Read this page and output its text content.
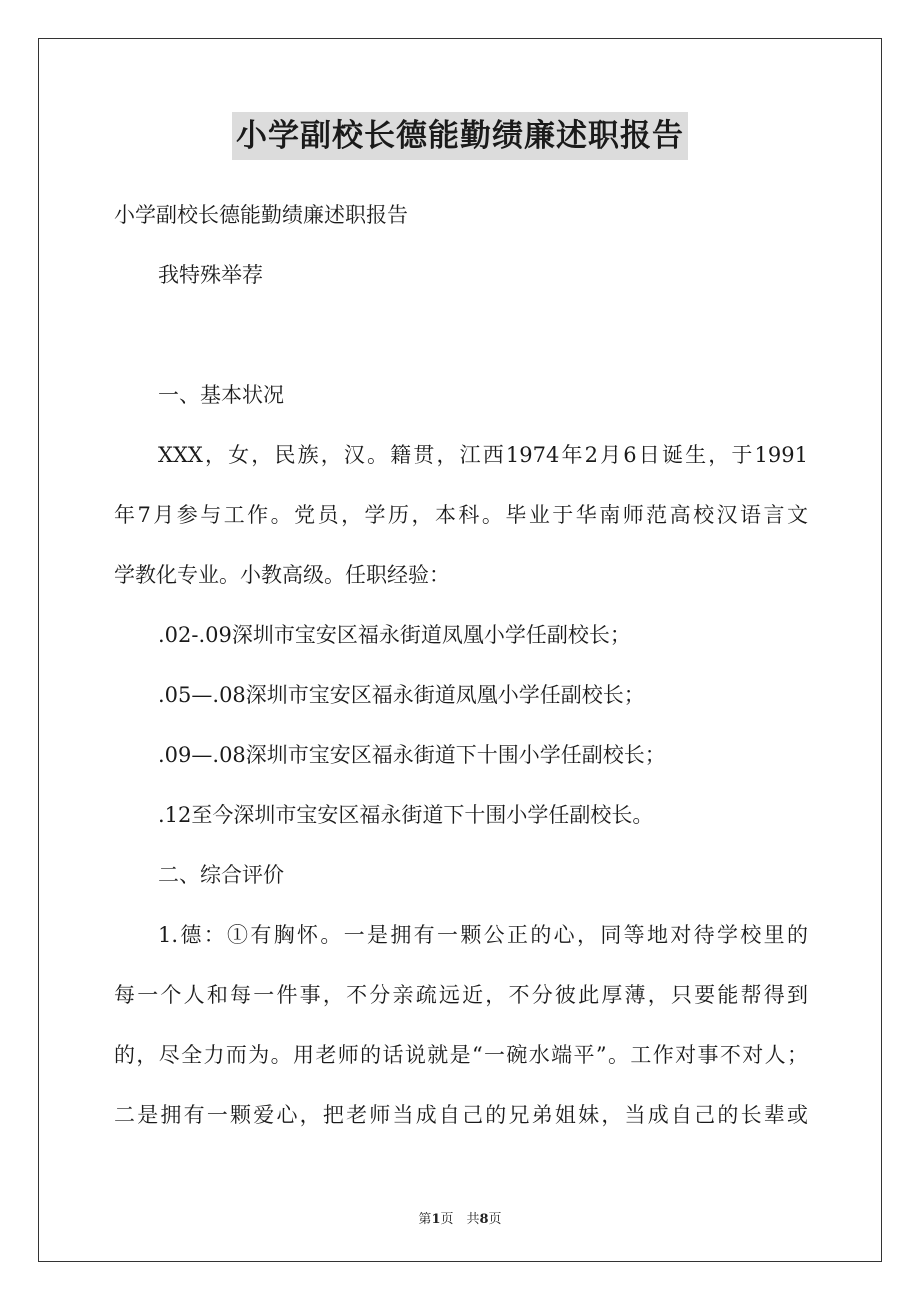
小学副校长德能勤绩廉述职报告
小学副校长德能勤绩廉述职报告
我特殊举荐
一、基本状况
XXX，女，民族，汉。籍贯，江西1974年2月6日诞生，于1991
年7月参与工作。党员，学历，本科。毕业于华南师范高校汉语言文
学教化专业。小教高级。任职经验：
.02-.09深圳市宝安区福永街道凤凰小学任副校长；
.05—.08深圳市宝安区福永街道凤凰小学任副校长；
.09—.08深圳市宝安区福永街道下十围小学任副校长；
.12至今深圳市宝安区福永街道下十围小学任副校长。
二、综合评价
1.德：①有胸怀。一是拥有一颗公正的心，同等地对待学校里的
每一个人和每一件事，不分亲疏远近，不分彼此厚薄，只要能帮得到
的，尽全力而为。用老师的话说就是“一碗水端平”。工作对事不对人；
二是拥有一颗爱心，把老师当成自己的兄弟姐妹，当成自己的长辈或
第1页　共8页
